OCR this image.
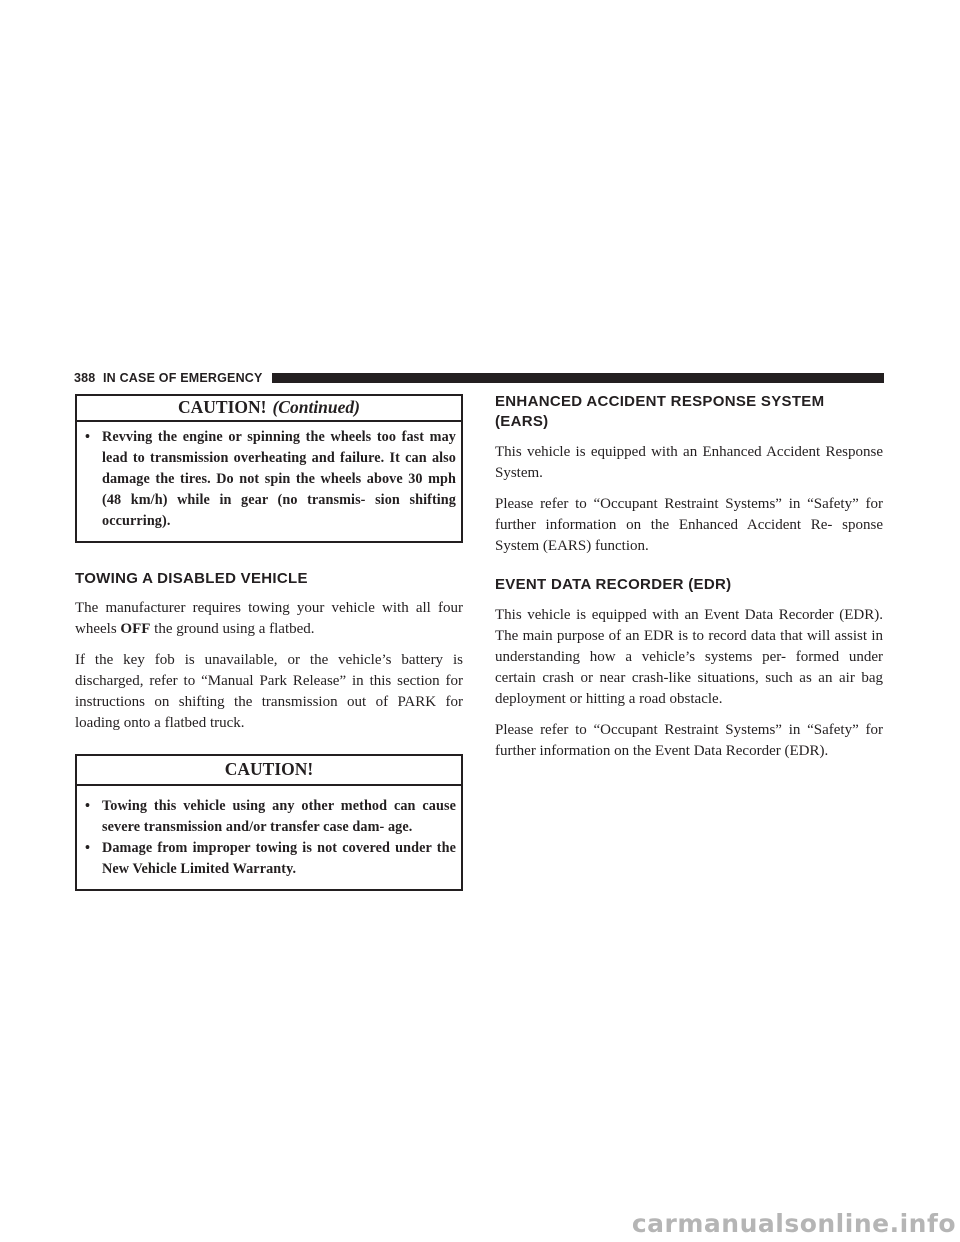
388 IN CASE OF EMERGENCY
CAUTION! (Continued)
• Revving the engine or spinning the wheels too fast may lead to transmission overheating and failure. It can also damage the tires. Do not spin the wheels above 30 mph (48 km/h) while in gear (no transmis- sion shifting occurring).
TOWING A DISABLED VEHICLE

The manufacturer requires towing your vehicle with all four wheels OFF the ground using a flatbed.

If the key fob is unavailable, or the vehicle’s battery is discharged, refer to “Manual Park Release” in this section for instructions on shifting the transmission out of PARK for loading onto a flatbed truck.

CAUTION!
• Towing this vehicle using any other method can cause severe transmission and/or transfer case dam- age.
• Damage from improper towing is not covered under the New Vehicle Limited Warranty.
ENHANCED ACCIDENT RESPONSE SYSTEM
(EARS)

This vehicle is equipped with an Enhanced Accident Response System.

Please refer to “Occupant Restraint Systems” in “Safety” for further information on the Enhanced Accident Re- sponse System (EARS) function.

EVENT DATA RECORDER (EDR)

This vehicle is equipped with an Event Data Recorder (EDR). The main purpose of an EDR is to record data that will assist in understanding how a vehicle’s systems per- formed under certain crash or near crash-like situations, such as an air bag deployment or hitting a road obstacle.

Please refer to “Occupant Restraint Systems” in “Safety” for further information on the Event Data Recorder (EDR).

carmanualsonline.info
